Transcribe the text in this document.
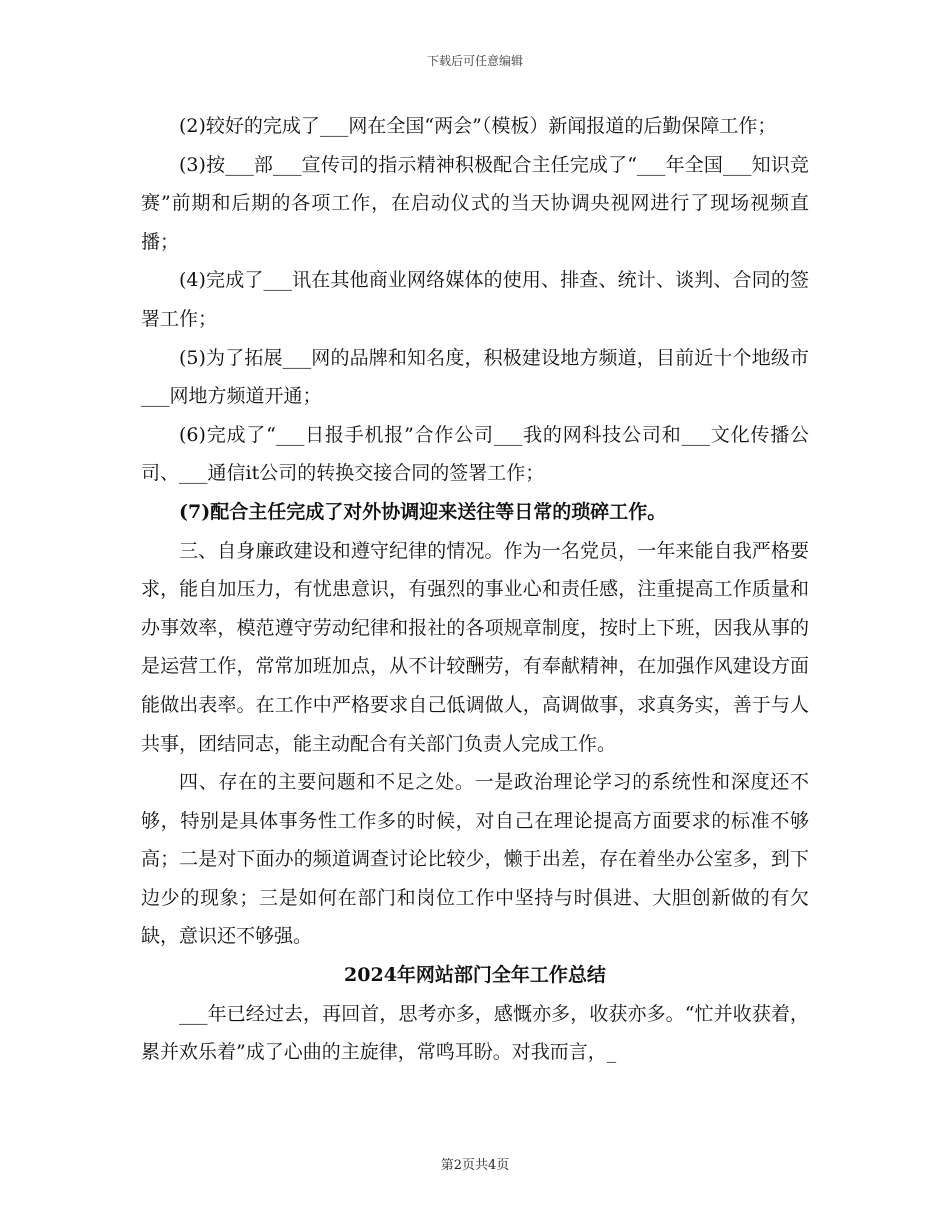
下载后可任意编辑

(2)较好的完成了___网在全国“两会”（模板）新闻报道的后勤保障工作；

(3)按___部___宣传司的指示精神积极配合主任完成了“___年全国___知识竞赛”前期和后期的各项工作，在启动仪式的当天协调央视网进行了现场视频直播；

(4)完成了___讯在其他商业网络媒体的使用、排查、统计、谈判、合同的签署工作；

(5)为了拓展___网的品牌和知名度，积极建设地方频道，目前近十个地级市___网地方频道开通；

(6)完成了“___日报手机报”合作公司___我的网科技公司和___文化传播公司、___通信it公司的转换交接合同的签署工作；

(7)配合主任完成了对外协调迎来送往等日常的琐碎工作。

三、自身廉政建设和遵守纪律的情况。作为一名党员，一年来能自我严格要求，能自加压力，有忧患意识，有强烈的事业心和责任感，注重提高工作质量和办事效率，模范遵守劳动纪律和报社的各项规章制度，按时上下班，因我从事的是运营工作，常常加班加点，从不计较酬劳，有奉献精神，在加强作风建设方面能做出表率。在工作中严格要求自己低调做人，高调做事，求真务实，善于与人共事，团结同志，能主动配合有关部门负责人完成工作。

四、存在的主要问题和不足之处。一是政治理论学习的系统性和深度还不够，特别是具体事务性工作多的时候，对自己在理论提高方面要求的标准不够高；二是对下面办的频道调查讨论比较少，懒于出差，存在着坐办公室多，到下边少的现象；三是如何在部门和岗位工作中坚持与时俱进、大胆创新做的有欠缺，意识还不够强。

2024年网站部门全年工作总结

___年已经过去，再回首，思考亦多，感慨亦多，收获亦多。“忙并收获着，累并欢乐着”成了心曲的主旋律，常鸣耳盼。对我而言，_

第2页共4页
